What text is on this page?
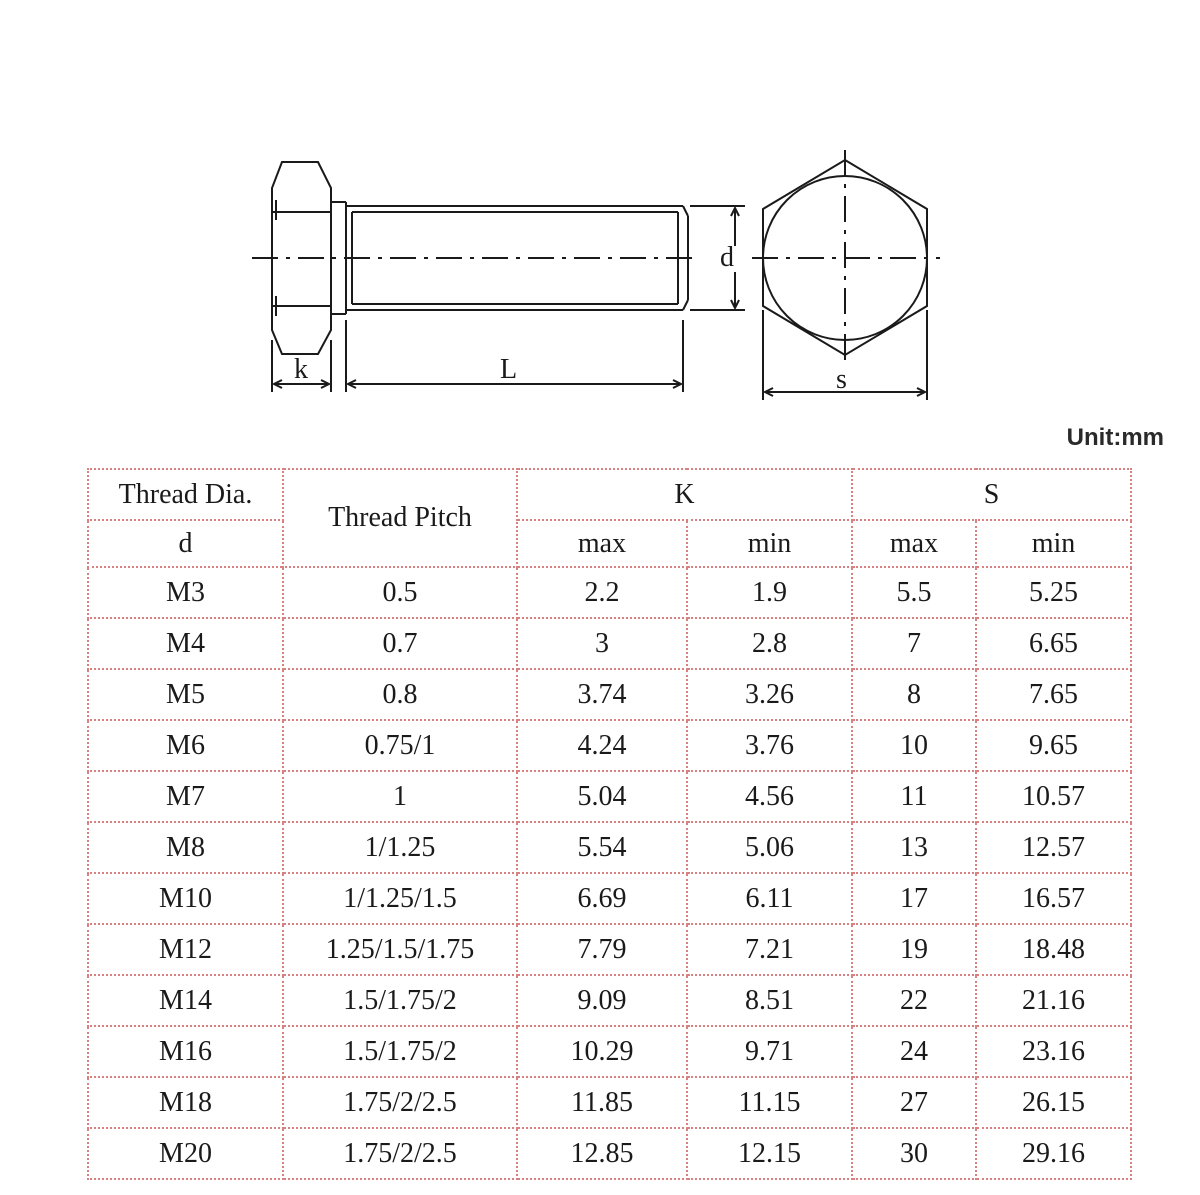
k	L
d
s
Unit:mm
Thread Dia.	Thread Pitch	K		S	
d		max	min	max	min
M3	0.5	2.2	1.9	5.5	5.25
M4	0.7	3	2.8	7	6.65
M5	0.8	3.74	3.26	8	7.65
M6	0.75/1	4.24	3.76	10	9.65
M7	1	5.04	4.56	11	10.57
M8	1/1.25	5.54	5.06	13	12.57
M10	1/1.25/1.5	6.69	6.11	17	16.57
M12	1.25/1.5/1.75	7.79	7.21	19	18.48
M14	1.5/1.75/2	9.09	8.51	22	21.16
M16	1.5/1.75/2	10.29	9.71	24	23.16
M18	1.75/2/2.5	11.85	11.15	27	26.15
M20	1.75/2/2.5	12.85	12.15	30	29.16
